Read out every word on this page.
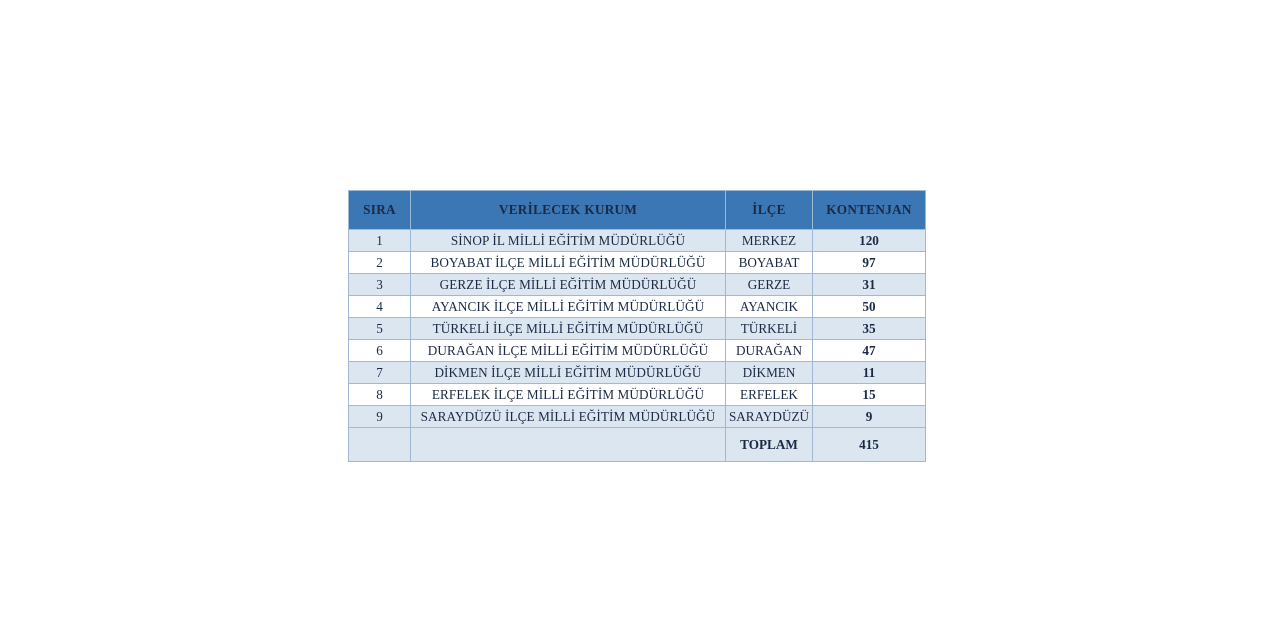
SIRA	VERİLECEK KURUM	İLÇE	KONTENJAN
1	SİNOP İL MİLLİ EĞİTİM MÜDÜRLÜĞÜ	MERKEZ	120
2	BOYABAT İLÇE MİLLİ EĞİTİM MÜDÜRLÜĞÜ	BOYABAT	97
3	GERZE İLÇE MİLLİ EĞİTİM MÜDÜRLÜĞÜ	GERZE	31
4	AYANCIK İLÇE MİLLİ EĞİTİM MÜDÜRLÜĞÜ	AYANCIK	50
5	TÜRKELİ İLÇE MİLLİ EĞİTİM MÜDÜRLÜĞÜ	TÜRKELİ	35
6	DURAĞAN İLÇE MİLLİ EĞİTİM MÜDÜRLÜĞÜ	DURAĞAN	47
7	DİKMEN İLÇE MİLLİ EĞİTİM MÜDÜRLÜĞÜ	DİKMEN	11
8	ERFELEK İLÇE MİLLİ EĞİTİM MÜDÜRLÜĞÜ	ERFELEK	15
9	SARAYDÜZÜ İLÇE MİLLİ EĞİTİM MÜDÜRLÜĞÜ	SARAYDÜZÜ	9
		TOPLAM	415
